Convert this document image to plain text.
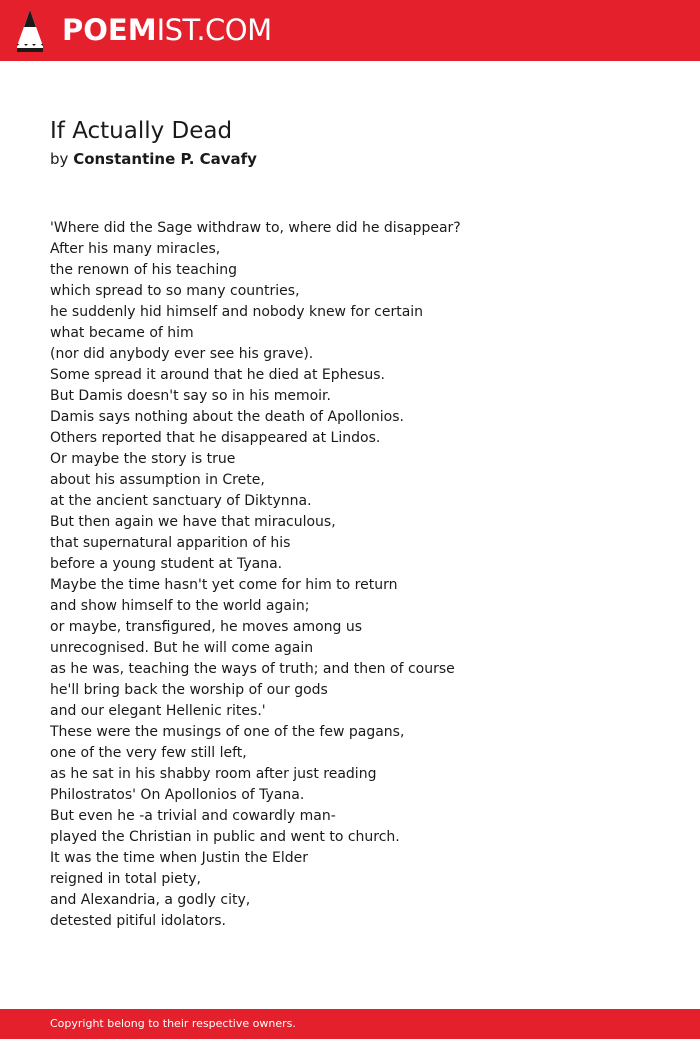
POEMIST.COM
If Actually Dead
by Constantine P. Cavafy
'Where did the Sage withdraw to, where did he disappear?
After his many miracles,
the renown of his teaching
which spread to so many countries,
he suddenly hid himself and nobody knew for certain
what became of him
(nor did anybody ever see his grave).
Some spread it around that he died at Ephesus.
But Damis doesn't say so in his memoir.
Damis says nothing about the death of Apollonios.
Others reported that he disappeared at Lindos.
Or maybe the story is true
about his assumption in Crete,
at the ancient sanctuary of Diktynna.
But then again we have that miraculous,
that supernatural apparition of his
before a young student at Tyana.
Maybe the time hasn't yet come for him to return
and show himself to the world again;
or maybe, transfigured, he moves among us
unrecognised. But he will come again
as he was, teaching the ways of truth; and then of course
he'll bring back the worship of our gods
and our elegant Hellenic rites.'
These were the musings of one of the few pagans,
one of the very few still left,
as he sat in his shabby room after just reading
Philostratos' On Apollonios of Tyana.
But even he -a trivial and cowardly man-
played the Christian in public and went to church.
It was the time when Justin the Elder
reigned in total piety,
and Alexandria, a godly city,
detested pitiful idolators.
Copyright belong to their respective owners.
